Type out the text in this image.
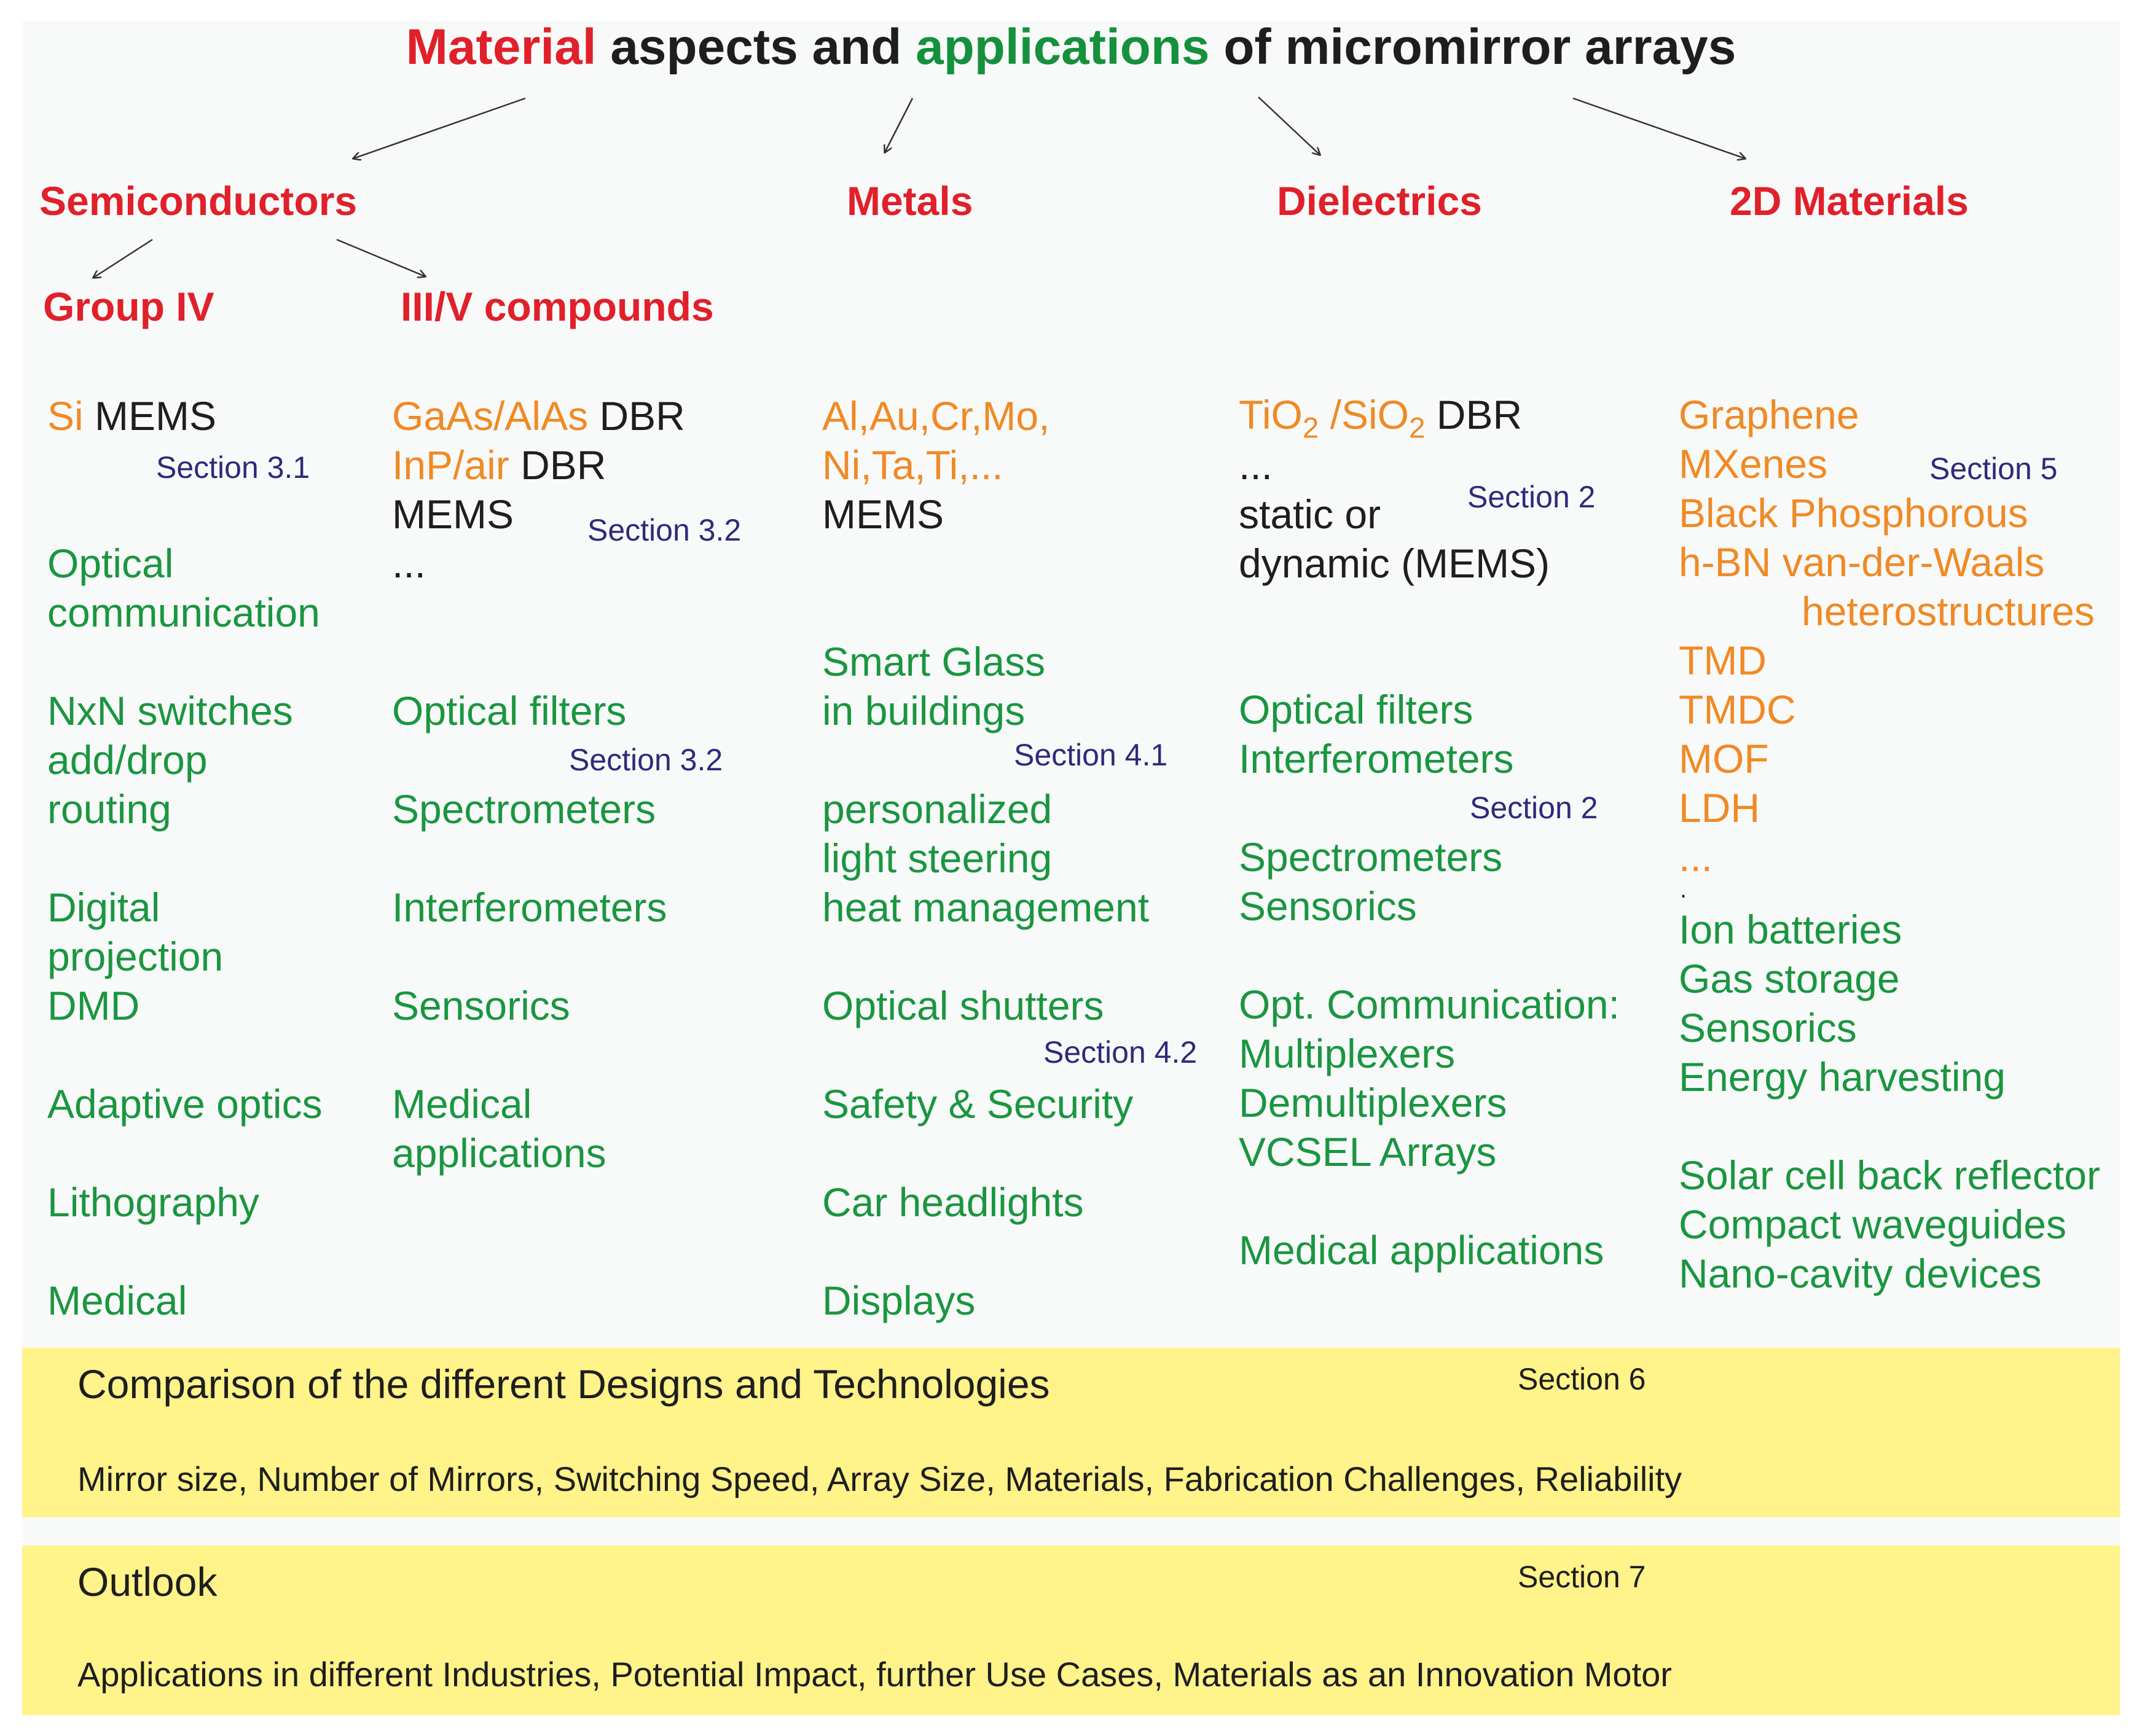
Material aspects and applications of micromirror arrays
Semiconductors	Metals	Dielectrics	2D Materials
Group IV	III/V compounds
Si MEMS
Section 3.1
Optical
communication
NxN switches
add/drop
routing
Digital
projection
DMD
Adaptive optics
Lithography
Medical
GaAs/AlAs DBR
InP/air DBR
MEMS
...
Section 3.2
Optical filters
Section 3.2
Spectrometers
Interferometers
Sensorics
Medical
applications
Al,Au,Cr,Mo,
Ni,Ta,Ti,...
MEMS
Smart Glass
in buildings
Section 4.1
personalized
light steering
heat management
Optical shutters
Section 4.2
Safety & Security
Car headlights
Displays
TiO$_2$ /SiO$_2$ DBR
...
Section 2
static or
dynamic (MEMS)
Optical filters
Interferometers
Section 2
Spectrometers
Sensorics
Opt. Communication:
Multiplexers
Demultiplexers
VCSEL Arrays
Medical applications
Graphene
MXenes	Section 5
Black Phosphorous
h-BN van-der-Waals
heterostructures
TMD
TMDC
MOF
LDH
...
.
Ion batteries
Gas storage
Sensorics
Energy harvesting
Solar cell back reflector
Compact waveguides
Nano-cavity devices
Comparison of the different Designs and Technologies	Section 6
Mirror size, Number of Mirrors, Switching Speed, Array Size, Materials, Fabrication Challenges, Reliability
Outlook	Section 7
Applications in different Industries, Potential Impact, further Use Cases, Materials as an Innovation Motor
